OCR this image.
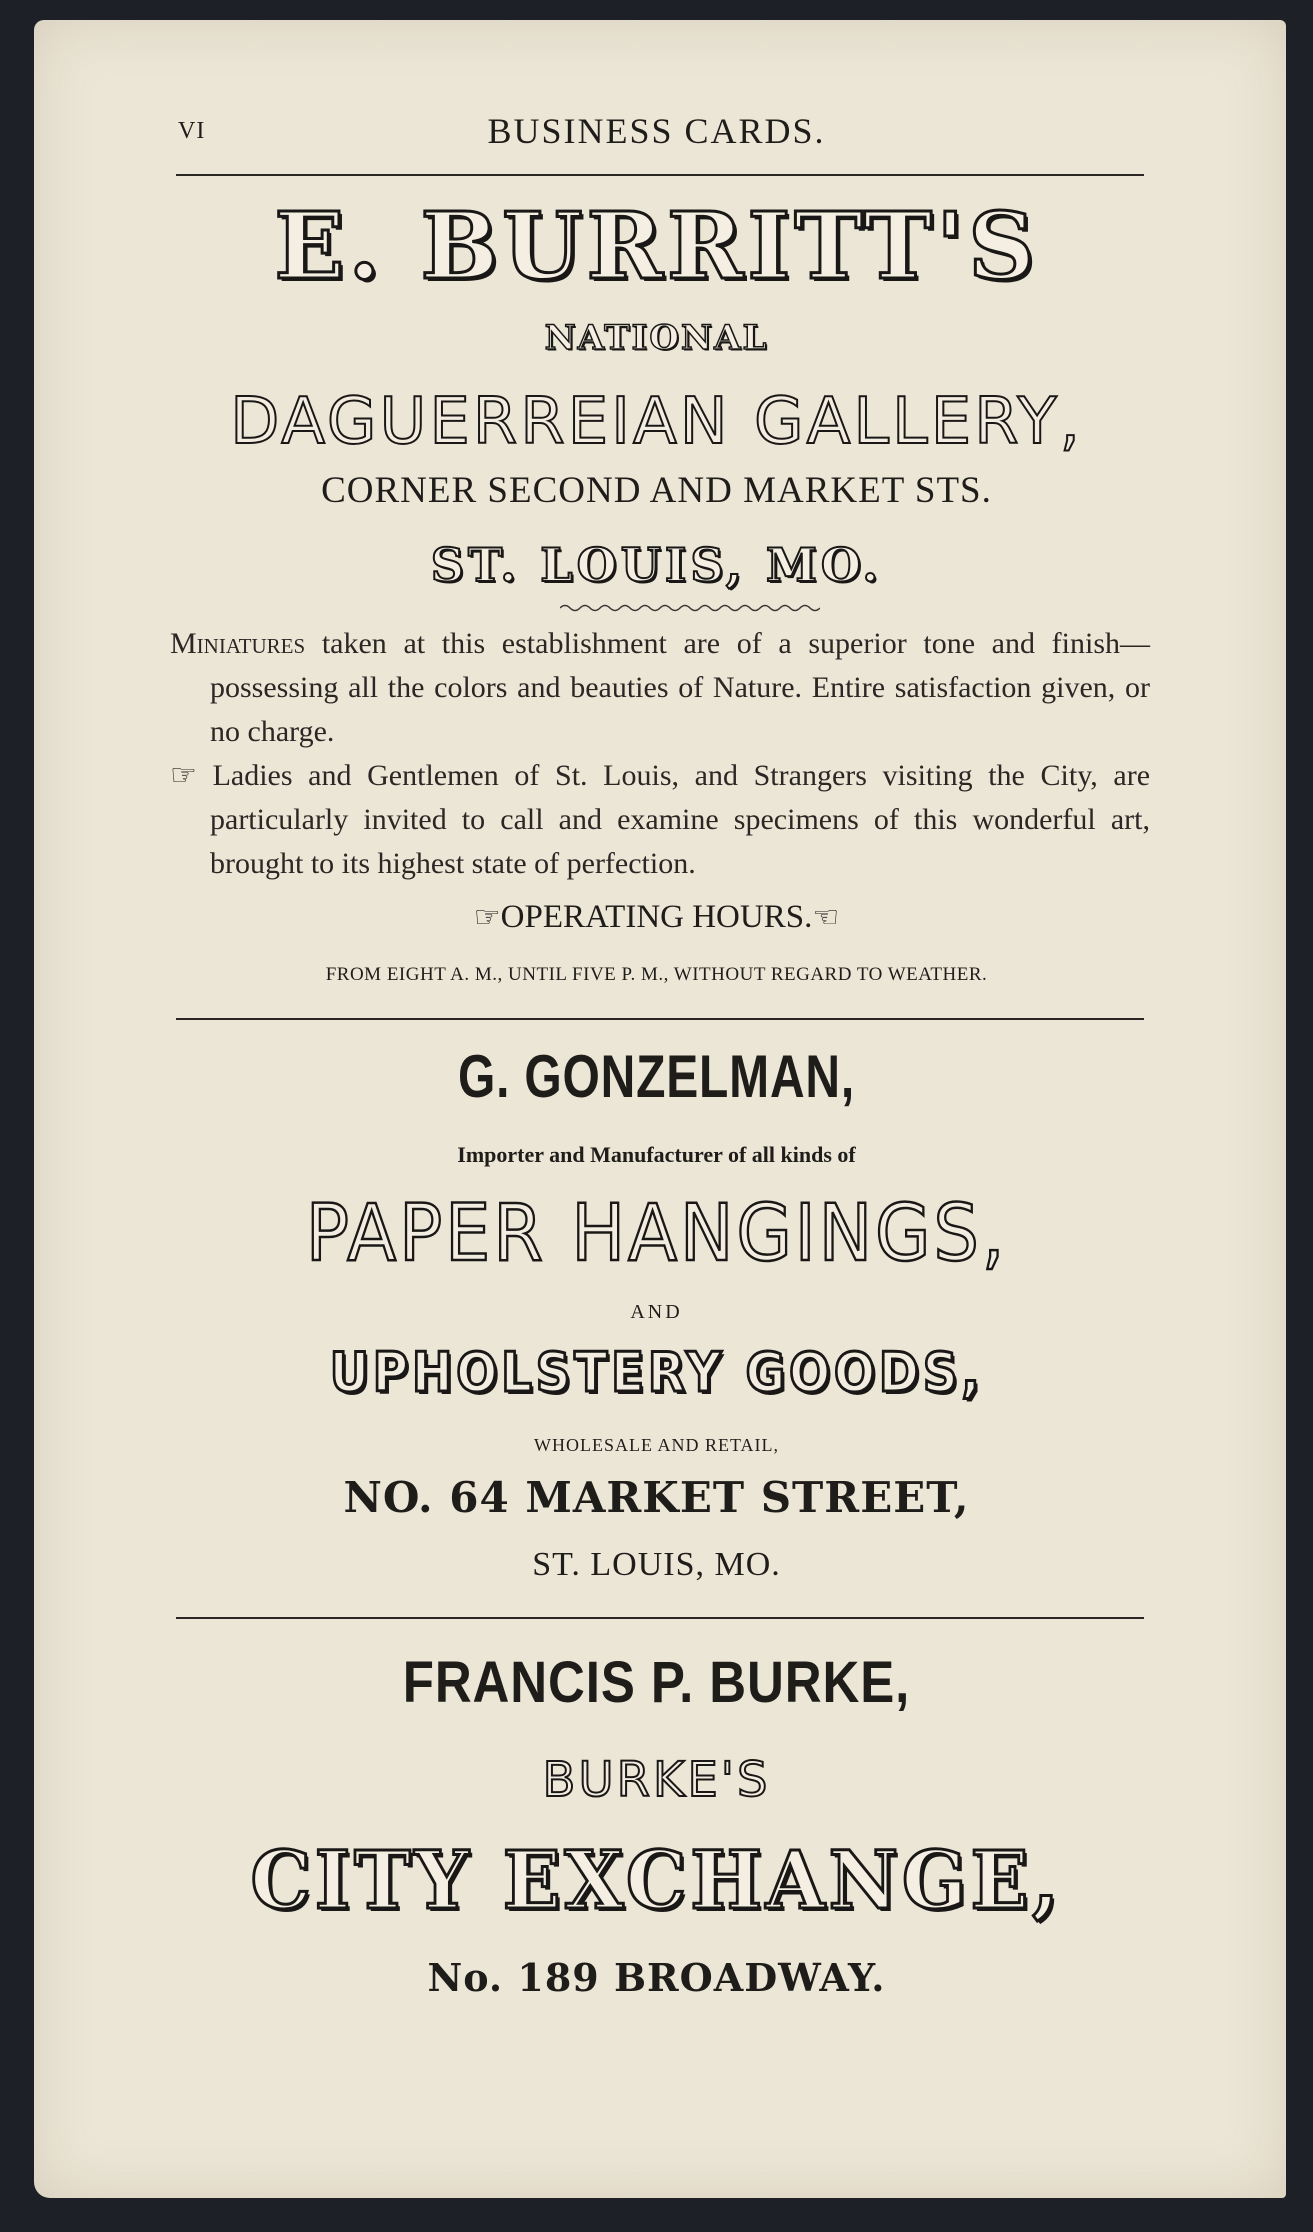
VI	BUSINESS CARDS.
E. BURRITT'S
NATIONAL
DAGUERREIAN GALLERY,
CORNER SECOND AND MARKET STS.
ST. LOUIS, MO.

Miniatures taken at this establishment are of a superior tone and finish—possessing all the colors and beauties of Nature. Entire satisfaction given, or no charge.

☞ Ladies and Gentlemen of St. Louis, and Strangers visiting the City, are particularly invited to call and examine specimens of this wonderful art, brought to its highest state of perfection.

☞OPERATING HOURS.☜
FROM EIGHT A. M., UNTIL FIVE P. M., WITHOUT REGARD TO WEATHER.
G. GONZELMAN,
Importer and Manufacturer of all kinds of
PAPER HANGINGS,
AND
UPHOLSTERY GOODS,
WHOLESALE AND RETAIL,
NO. 64 MARKET STREET,
ST. LOUIS, MO.
FRANCIS P. BURKE,
BURKE'S
CITY EXCHANGE,
No. 189 BROADWAY.
